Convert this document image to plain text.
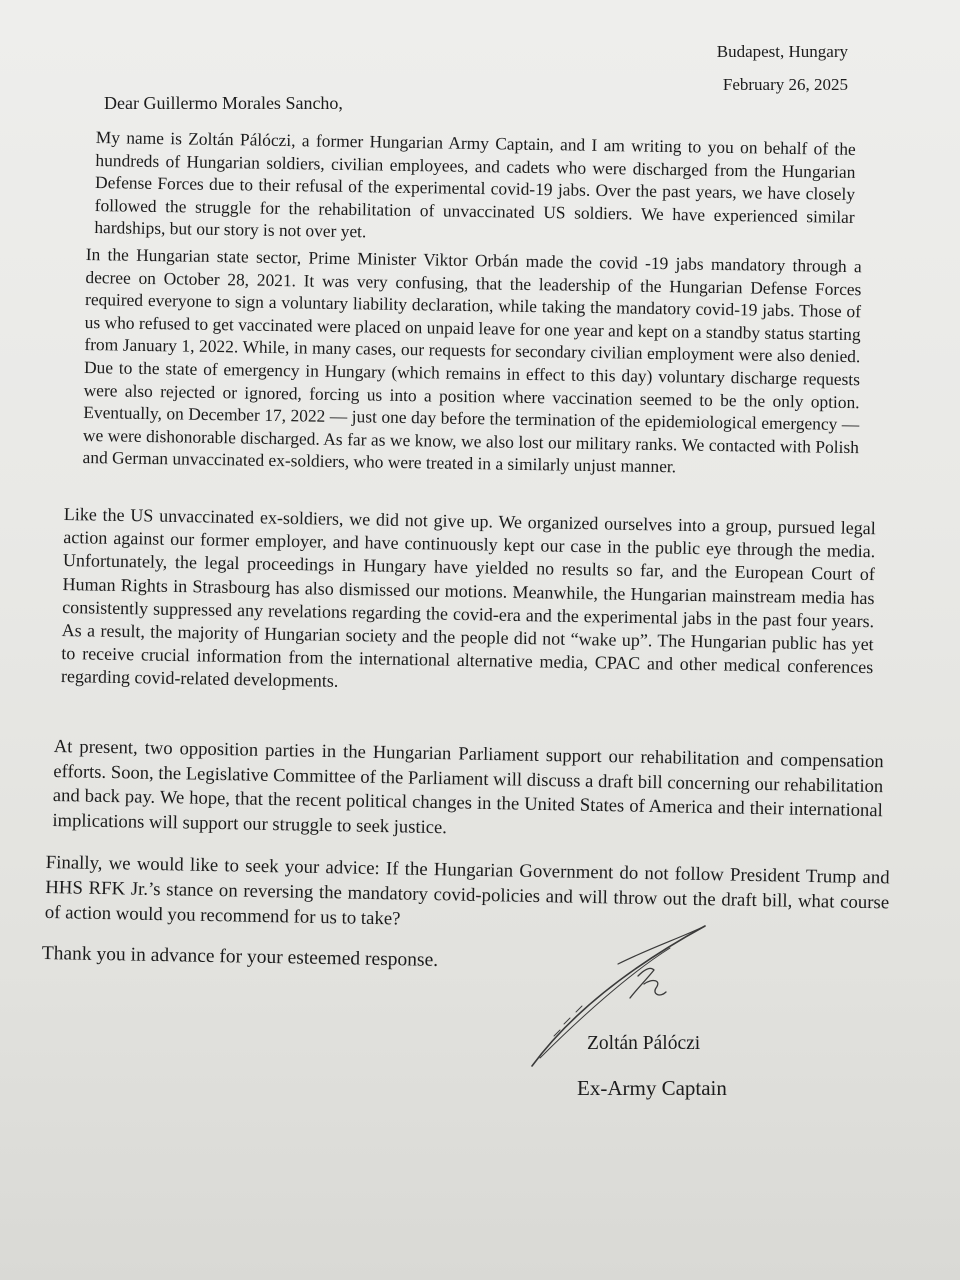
Budapest, Hungary
February 26, 2025
Dear Guillermo Morales Sancho,

My name is Zoltán Pálóczi, a former Hungarian Army Captain, and I am writing to you on behalf of the hundreds of Hungarian soldiers, civilian employees, and cadets who were discharged from the Hungarian Defense Forces due to their refusal of the experimental covid-19 jabs. Over the past years, we have closely followed the struggle for the rehabilitation of unvaccinated US soldiers. We have experienced similar hardships, but our story is not over yet.

In the Hungarian state sector, Prime Minister Viktor Orbán made the covid -19 jabs mandatory through a decree on October 28, 2021. It was very confusing, that the leadership of the Hungarian Defense Forces required everyone to sign a voluntary liability declaration, while taking the mandatory covid-19 jabs. Those of us who refused to get vaccinated were placed on unpaid leave for one year and kept on a standby status starting from January 1, 2022. While, in many cases, our requests for secondary civilian employment were also denied. Due to the state of emergency in Hungary (which remains in effect to this day) voluntary discharge requests were also rejected or ignored, forcing us into a position where vaccination seemed to be the only option. Eventually, on December 17, 2022 — just one day before the termination of the epidemiological emergency — we were dishonorable discharged. As far as we know, we also lost our military ranks. We contacted with Polish and German unvaccinated ex-soldiers, who were treated in a similarly unjust manner.

Like the US unvaccinated ex-soldiers, we did not give up. We organized ourselves into a group, pursued legal action against our former employer, and have continuously kept our case in the public eye through the media. Unfortunately, the legal proceedings in Hungary have yielded no results so far, and the European Court of Human Rights in Strasbourg has also dismissed our motions. Meanwhile, the Hungarian mainstream media has consistently suppressed any revelations regarding the covid-era and the experimental jabs in the past four years. As a result, the majority of Hungarian society and the people did not “wake up”. The Hungarian public has yet to receive crucial information from the international alternative media, CPAC and other medical conferences regarding covid-related developments.

At present, two opposition parties in the Hungarian Parliament support our rehabilitation and compensation efforts. Soon, the Legislative Committee of the Parliament will discuss a draft bill concerning our rehabilitation and back pay. We hope, that the recent political changes in the United States of America and their international implications will support our struggle to seek justice.

Finally, we would like to seek your advice: If the Hungarian Government do not follow President Trump and HHS RFK Jr.’s stance on reversing the mandatory covid-policies and will throw out the draft bill, what course of action would you recommend for us to take?

Thank you in advance for your esteemed response.
Zoltán Pálóczi
Ex-Army Captain
